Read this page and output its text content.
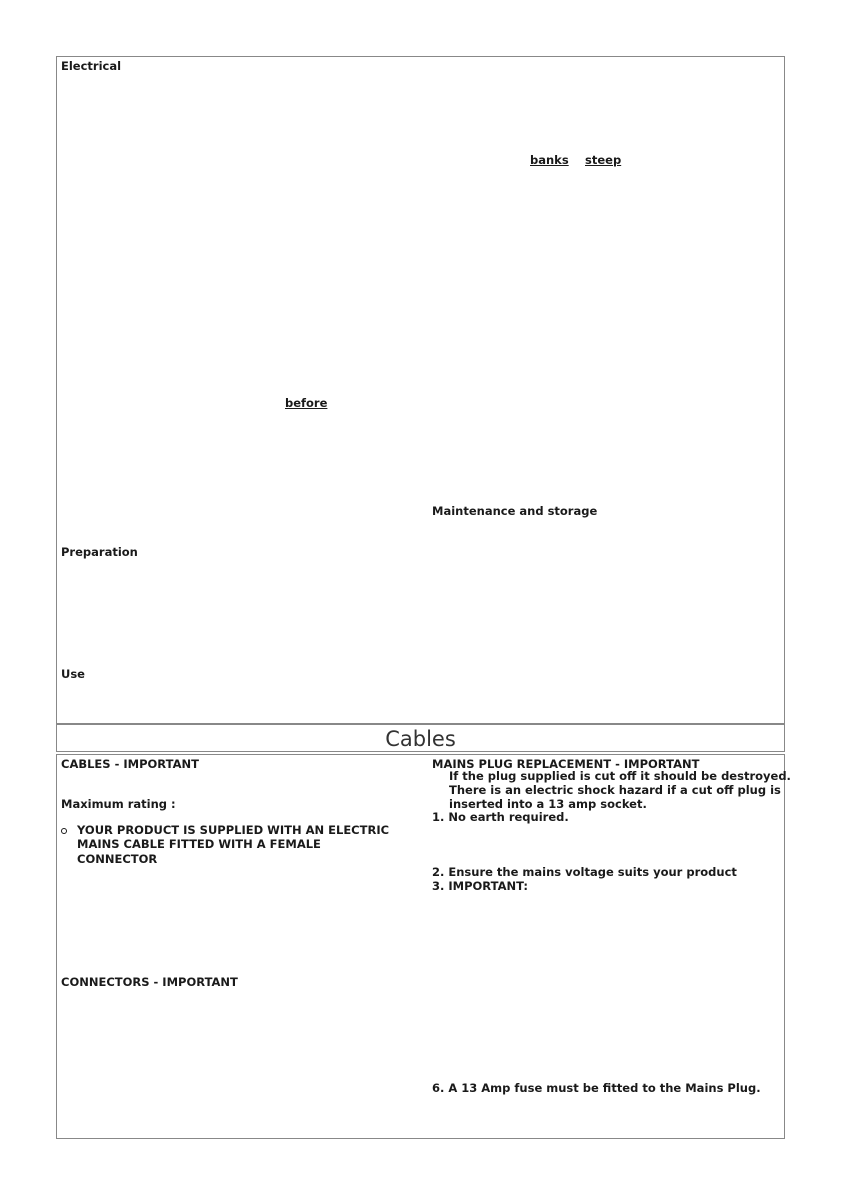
Electrical
banks steep
before
Maintenance and storage
Preparation
Use
Cables
CABLES - IMPORTANT
Maximum rating :
YOUR PRODUCT IS SUPPLIED WITH AN ELECTRIC
MAINS CABLE FITTED WITH A FEMALE
CONNECTOR
CONNECTORS - IMPORTANT
MAINS PLUG REPLACEMENT - IMPORTANT
If the plug supplied is cut off it should be destroyed.
There is an electric shock hazard if a cut off plug is
inserted into a 13 amp socket.
1. No earth required.
2. Ensure the mains voltage suits your product
3. IMPORTANT:
6. A 13 Amp fuse must be fitted to the Mains Plug.
